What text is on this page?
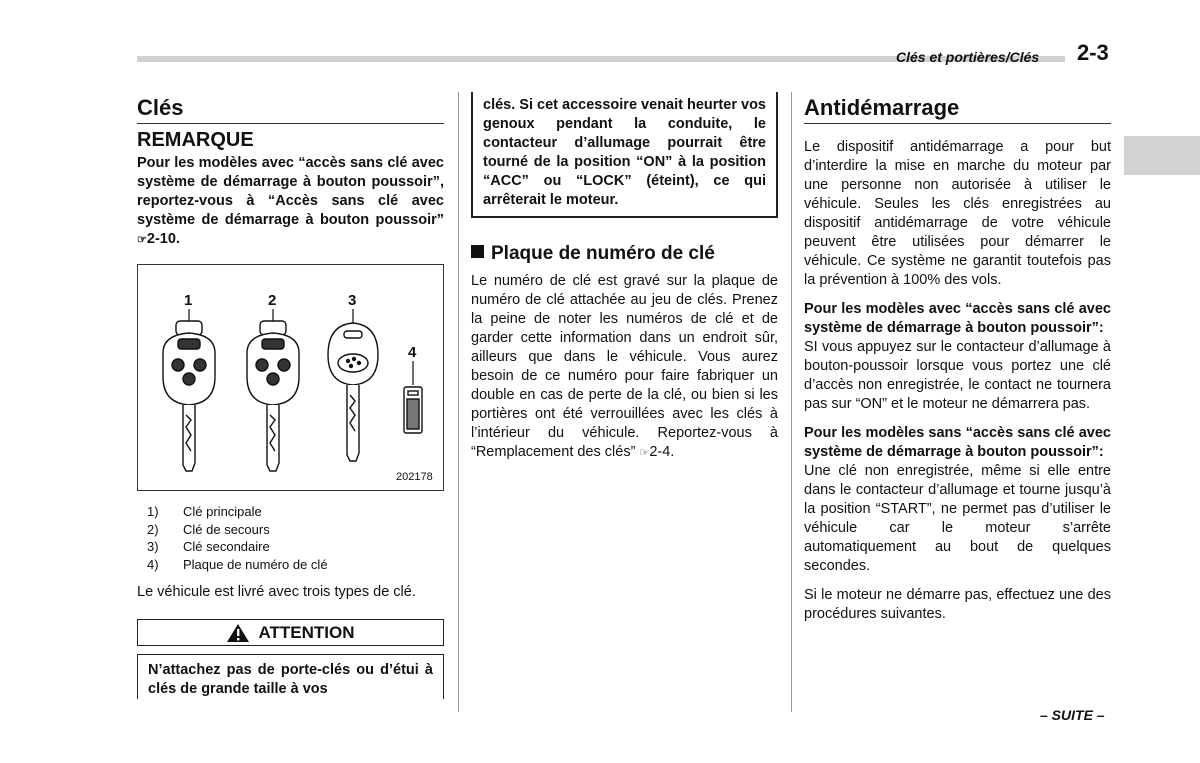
Clés et portières/Clés 2-3
Clés
REMARQUE

Pour les modèles avec “accès sans clé avec système de démarrage à bouton poussoir”, reportez-vous à “Accès sans clé avec système de démarrage à bouton poussoir” ☞2-10.

1	2	3
4
202178
1)	Clé principale
2)	Clé de secours
3)	Clé secondaire
4)	Plaque de numéro de clé

Le véhicule est livré avec trois types de clé.

ATTENTION

N’attachez pas de porte-clés ou d’étui à clés de grande taille à vos

clés. Si cet accessoire venait heurter vos genoux pendant la conduite, le contacteur d’allumage pourrait être tourné de la position “ON” à la position “ACC” ou “LOCK” (éteint), ce qui arrêterait le moteur.

Plaque de numéro de clé

Le numéro de clé est gravé sur la plaque de numéro de clé attachée au jeu de clés. Prenez la peine de noter les numéros de clé et de garder cette information dans un endroit sûr, ailleurs que dans le véhicule. Vous aurez besoin de ce numéro pour faire fabriquer un double en cas de perte de la clé, ou bien si les portières ont été verrouillées avec les clés à l’intérieur du véhicule. Reportez-vous à “Remplacement des clés” ☞2-4.

Antidémarrage

Le dispositif antidémarrage a pour but d’interdire la mise en marche du moteur par une personne non autorisée à utiliser le véhicule. Seules les clés enregistrées au dispositif antidémarrage de votre véhicule peuvent être utilisées pour démarrer le véhicule. Ce système ne garantit toutefois pas la prévention à 100% des vols.

Pour les modèles avec “accès sans clé avec système de démarrage à bouton poussoir”:

SI vous appuyez sur le contacteur d’allumage à bouton-poussoir lorsque vous portez une clé d’accès non enregistrée, le contact ne tournera pas sur “ON” et le moteur ne démarrera pas.

Pour les modèles sans “accès sans clé avec système de démarrage à bouton poussoir”:

Une clé non enregistrée, même si elle entre dans le contacteur d’allumage et tourne jusqu’à la position “START”, ne permet pas d’utiliser le véhicule car le moteur s’arrête automatiquement au bout de quelques secondes.

Si le moteur ne démarre pas, effectuez une des procédures suivantes.

– SUITE –
